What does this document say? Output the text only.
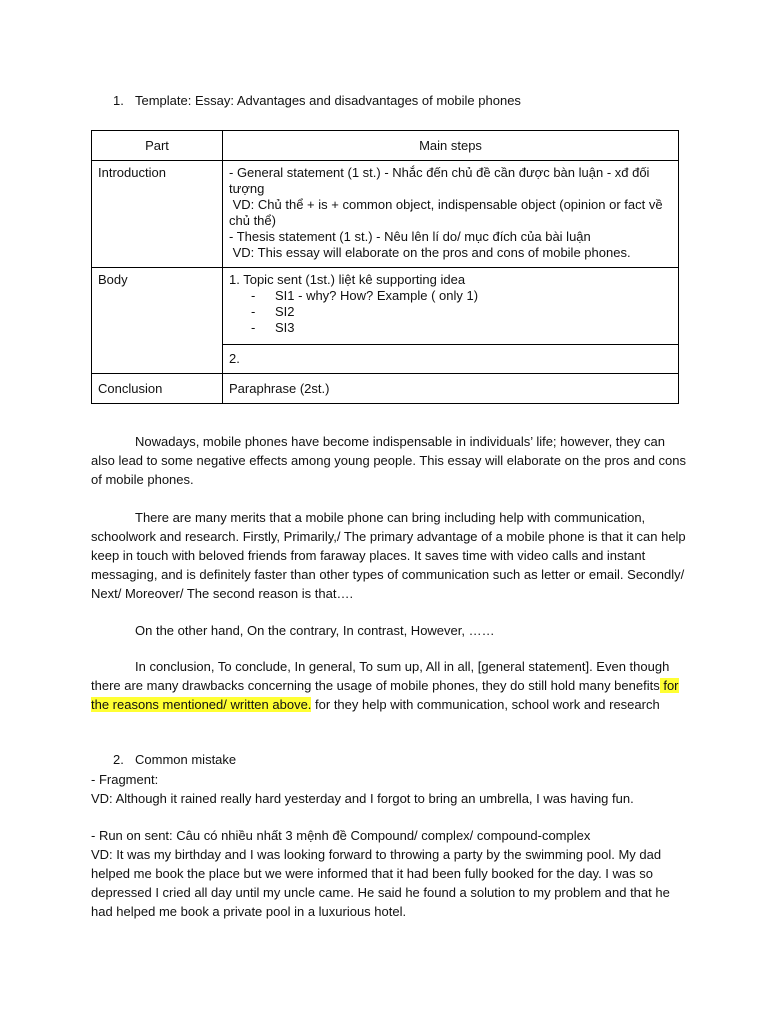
1. Template: Essay: Advantages and disadvantages of mobile phones
Part	Main steps
Introduction	- General statement (1 st.) - Nhắc đến chủ đề cần được bàn luận - xđ đối tượng
VD: Chủ thể + is + common object, indispensable object (opinion or fact về chủ thể)
- Thesis statement (1 st.) - Nêu lên lí do/ mục đích của bài luận
VD: This essay will elaborate on the pros and cons of mobile phones.

Body	1. Topic sent (1st.) liệt kê supporting idea
- SI1 - why? How? Example ( only 1)
- SI2
- SI3

	2.
Conclusion	Paraphrase (2st.)

Nowadays, mobile phones have become indispensable in individuals’ life; however, they can also lead to some negative effects among young people. This essay will elaborate on the pros and cons of mobile phones.

There are many merits that a mobile phone can bring including help with communication, schoolwork and research. Firstly, Primarily,/ The primary advantage of a mobile phone is that it can help keep in touch with beloved friends from faraway places. It saves time with video calls and instant messaging, and is definitely faster than other types of communication such as letter or email. Secondly/ Next/ Moreover/ The second reason is that….

On the other hand, On the contrary, In contrast, However, ……

In conclusion, To conclude, In general, To sum up, All in all, [general statement]. Even though there are many drawbacks concerning the usage of mobile phones, they do still hold many benefits for the reasons mentioned/ written above. for they help with communication, school work and research

2. Common mistake

- Fragment:

VD: Although it rained really hard yesterday and I forgot to bring an umbrella, I was having fun.

- Run on sent: Câu có nhiều nhất 3 mệnh đề Compound/ complex/ compound-complex

VD: It was my birthday and I was looking forward to throwing a party by the swimming pool. My dad helped me book the place but we were informed that it had been fully booked for the day. I was so depressed I cried all day until my uncle came. He said he found a solution to my problem and that he had helped me book a private pool in a luxurious hotel.
